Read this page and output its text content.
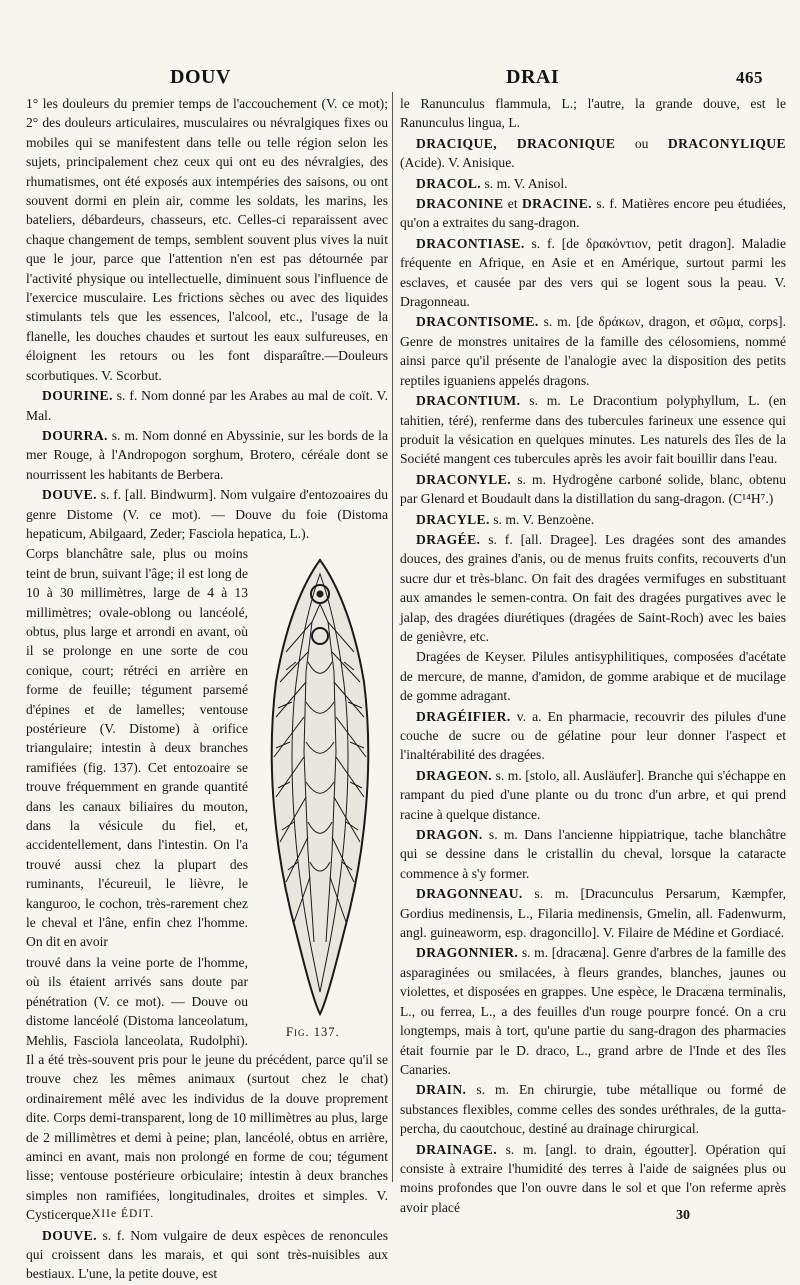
DOUV	DRAI	465

1° les douleurs du premier temps de l'accouchement (V. ce mot); 2° des douleurs articulaires, musculaires ou névralgiques fixes ou mobiles qui se manifestent dans telle ou telle région selon les sujets, principalement chez ceux qui ont eu des névralgies, des rhumatismes, ont été exposés aux intempéries des saisons, ou ont souvent dormi en plein air, comme les soldats, les marins, les bateliers, débardeurs, chasseurs, etc. Celles-ci reparaissent avec chaque changement de temps, semblent souvent plus vives la nuit que le jour, parce que l'attention n'en est pas détournée par l'activité physique ou intellectuelle, diminuent sous l'influence de l'exercice musculaire. Les frictions sèches ou avec des liquides stimulants tels que les essences, l'alcool, etc., l'usage de la flanelle, les douches chaudes et surtout les eaux sulfureuses, en éloignent les retours ou les font disparaître.—Douleurs scorbutiques. V. Scorbut.

DOURINE. s. f. Nom donné par les Arabes au mal de coït. V. Mal.

DOURRA. s. m. Nom donné en Abyssinie, sur les bords de la mer Rouge, à l'Andropogon sorghum, Brotero, céréale dont se nourrissent les habitants de Berbera.

DOUVE. s. f. [all. Bindwurm]. Nom vulgaire d'entozoaires du genre Distome (V. ce mot). — Douve du foie (Distoma hepaticum, Abilgaard, Zeder; Fasciola hepatica, L.).

Fig. 137.

Corps blanchâtre sale, plus ou moins teint de brun, suivant l'âge; il est long de 10 à 30 millimètres, large de 4 à 13 millimètres; ovale-oblong ou lancéolé, obtus, plus large et arrondi en avant, où il se prolonge en une sorte de cou conique, court; rétréci en arrière en forme de feuille; tégument parsemé d'épines et de lamelles; ventouse postérieure (V. Distome) à orifice triangulaire; intestin à deux branches ramifiées (fig. 137). Cet entozoaire se trouve fréquemment en grande quantité dans les canaux biliaires du mouton, dans la vésicule du fiel, et, accidentellement, dans l'intestin. On l'a trouvé aussi chez la plupart des ruminants, l'écureuil, le lièvre, le kanguroo, le cochon, très-rarement chez le cheval et l'âne, enfin chez l'homme. On dit en avoir

trouvé dans la veine porte de l'homme, où ils étaient arrivés sans doute par pénétration (V. ce mot). — Douve ou distome lancéolé (Distoma lanceolatum, Mehlis, Fasciola lanceolata, Rudolphi). Il a été très-souvent pris pour le jeune du précédent, parce qu'il se trouve chez les mêmes animaux (surtout chez le chat) ordinairement mêlé avec les individus de la douve proprement dite. Corps demi-transparent, long de 10 millimètres au plus, large de 2 millimètres et demi à peine; plan, lancéolé, obtus en arrière, aminci en avant, mais non prolongé en forme de cou; tégument lisse; ventouse postérieure orbiculaire; intestin à deux branches simples non ramifiées, longitudinales, droites et simples. V. Cysticerque.

DOUVE. s. f. Nom vulgaire de deux espèces de renoncules qui croissent dans les marais, et qui sont très-nuisibles aux bestiaux. L'une, la petite douve, est

le Ranunculus flammula, L.; l'autre, la grande douve, est le Ranunculus lingua, L.

DRACIQUE, DRACONIQUE ou DRACONYLIQUE (Acide). V. Anisique.

DRACOL. s. m. V. Anisol.

DRACONINE et DRACINE. s. f. Matières encore peu étudiées, qu'on a extraites du sang-dragon.

DRACONTIASE. s. f. [de δρακόντιον, petit dragon]. Maladie fréquente en Afrique, en Asie et en Amérique, surtout parmi les esclaves, et causée par des vers qui se logent sous la peau. V. Dragonneau.

DRACONTISOME. s. m. [de δράκων, dragon, et σῶμα, corps]. Genre de monstres unitaires de la famille des célosomiens, nommé ainsi parce qu'il présente de l'analogie avec la disposition des petits reptiles iguaniens appelés dragons.

DRACONTIUM. s. m. Le Dracontium polyphyllum, L. (en tahitien, téré), renferme dans des tubercules farineux une essence qui produit la vésication en quelques minutes. Les naturels des îles de la Société mangent ces tubercules après les avoir fait bouillir dans l'eau.

DRACONYLE. s. m. Hydrogène carboné solide, blanc, obtenu par Glenard et Boudault dans la distillation du sang-dragon. (C¹⁴H⁷.)

DRACYLE. s. m. V. Benzoène.

DRAGÉE. s. f. [all. Dragee]. Les dragées sont des amandes douces, des graines d'anis, ou de menus fruits confits, recouverts d'un sucre dur et très-blanc. On fait des dragées vermifuges en substituant aux amandes le semen-contra. On fait des dragées purgatives avec le jalap, des dragées diurétiques (dragées de Saint-Roch) avec les baies de genièvre, etc.

Dragées de Keyser. Pilules antisyphilitiques, composées d'acétate de mercure, de manne, d'amidon, de gomme arabique et de mucilage de gomme adragant.

DRAGÉIFIER. v. a. En pharmacie, recouvrir des pilules d'une couche de sucre ou de gélatine pour leur donner l'aspect et l'inaltérabilité des dragées.

DRAGEON. s. m. [stolo, all. Ausläufer]. Branche qui s'échappe en rampant du pied d'une plante ou du tronc d'un arbre, et qui prend racine à quelque distance.

DRAGON. s. m. Dans l'ancienne hippiatrique, tache blanchâtre qui se dessine dans le cristallin du cheval, lorsque la cataracte commence à s'y former.

DRAGONNEAU. s. m. [Dracunculus Persarum, Kæmpfer, Gordius medinensis, L., Filaria medinensis, Gmelin, all. Fadenwurm, angl. guineaworm, esp. dragoncillo]. V. Filaire de Médine et Gordiacé.

DRAGONNIER. s. m. [dracæna]. Genre d'arbres de la famille des asparaginées ou smilacées, à fleurs grandes, blanches, jaunes ou violettes, et disposées en grappes. Une espèce, le Dracæna terminalis, L., ou ferrea, L., a des feuilles d'un rouge pourpre foncé. On a cru longtemps, mais à tort, qu'une partie du sang-dragon des pharmacies était fournie par le D. draco, L., grand arbre de l'Inde et des îles Canaries.

DRAIN. s. m. En chirurgie, tube métallique ou formé de substances flexibles, comme celles des sondes uréthrales, de la gutta-percha, du caoutchouc, destiné au drainage chirurgical.

DRAINAGE. s. m. [angl. to drain, égoutter]. Opération qui consiste à extraire l'humidité des terres à l'aide de saignées plus ou moins profondes que l'on ouvre dans le sol et que l'on referme après avoir placé

XIIe ÉDIT.	30
